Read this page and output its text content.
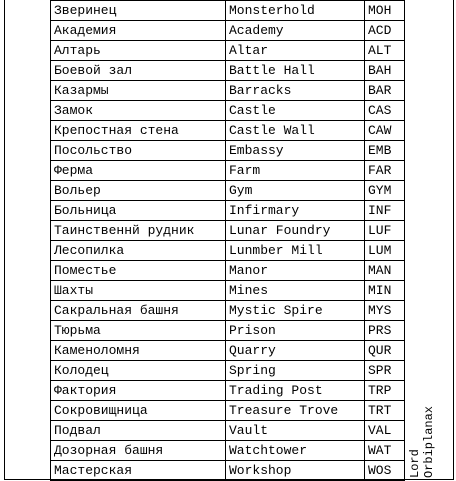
Зверинец	Monsterhold	MOH
Академия	Academy	ACD
Алтарь	Altar	ALT
Боевой зал	Battle Hall	BAH
Казармы	Barracks	BAR
Замок	Castle	CAS
Крепостная стена	Castle Wall	CAW
Посольство	Embassy	EMB
Ферма	Farm	FAR
Вольер	Gym	GYM
Больница	Infirmary	INF
Таинственнй рудник	Lunar Foundry	LUF
Лесопилка	Lunmber Mill	LUM
Поместье	Manor	MAN
Шахты	Mines	MIN
Сакральная башня	Mystic Spire	MYS
Тюрьма	Prison	PRS
Каменоломня	Quarry	QUR
Колодец	Spring	SPR
Фактория	Trading Post	TRP
Сокровищница	Treasure Trove	TRT
Подвал	Vault	VAL
Дозорная башня	Watchtower	WAT
Мастерская	Workshop	WOS Lord
Orbiplanax
